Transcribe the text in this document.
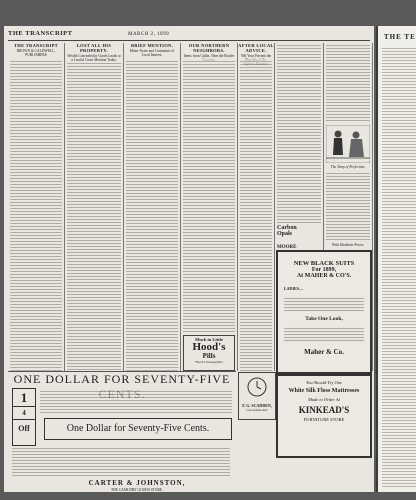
THE TRANSCRIPT	MARCH 2, 1899
THE TRANSCRIPT
BROWN & CALDWELL, PUBLISHERS
LOST ALL HIS PROPERTY.
Wealth Concealed in Goods Leads to
BRIEF MENTION.
Minor Notes and Comments of Local Interest.
OUR NORTHERN NEIGHBORS.
Items from Callin, Near the Border
Much in Little
Hood's
Pills
Hood's Sarsaparilla
AFTER LOCAL ADVICE.
Tell Your Friends the
Carbon
Opals
MOORE
The Temp of Perfection.
With Moderate Prices.
NEW BLACK SUITS
For 1899,
At MAHER & CO'S.
LADIES—
Take One Look,
Maher & Co.
F. G. SCADDEN,
Cloverdale Ind.
You Should Try One
White Silk Floss Mattresses
Made to Order At
KINKEAD'S
FURNITURE STORE
ONE DOLLAR FOR SEVENTY-FIVE
1
4
Off	One Dollar for Seventy-Five Cents.
CARTER & JOHNSTON,
THE CASH DRY GOODS STORE.
THE TE
